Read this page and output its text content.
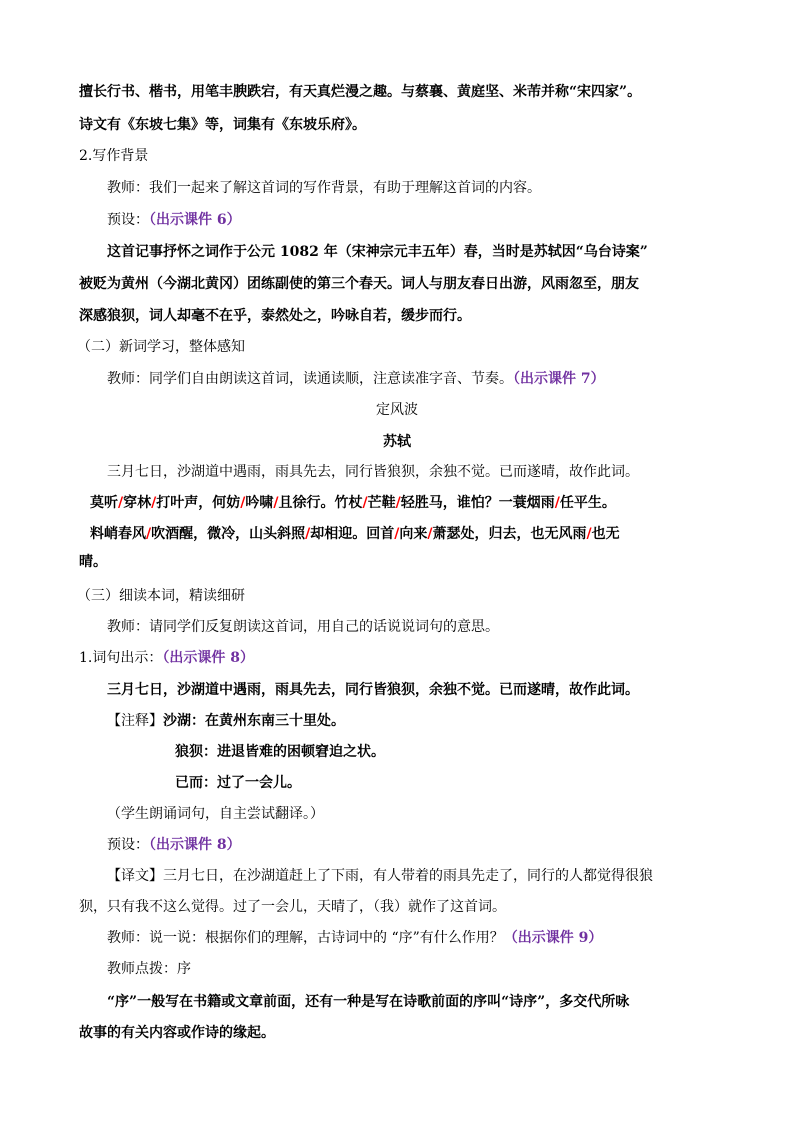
擅长行书、楷书，用笔丰腴跌宕，有天真烂漫之趣。与蔡襄、黄庭坚、米芾并称“宋四家”。
诗文有《东坡七集》等，词集有《东坡乐府》。
2.写作背景
教师：我们一起来了解这首词的写作背景，有助于理解这首词的内容。
预设：（出示课件 6）
这首记事抒怀之词作于公元 1082 年（宋神宗元丰五年）春，当时是苏轼因“乌台诗案”
被贬为黄州（今湖北黄冈）团练副使的第三个春天。词人与朋友春日出游，风雨忽至，朋友
深感狼狈，词人却毫不在乎，泰然处之，吟咏自若，缓步而行。
（二）新词学习，整体感知
教师：同学们自由朗读这首词，读通读顺，注意读准字音、节奏。（出示课件 7）
定风波
苏轼
三月七日，沙湖道中遇雨，雨具先去，同行皆狼狈，余独不觉。已而遂晴，故作此词。
莫听/穿林/打叶声，何妨/吟啸/且徐行。竹杖/芒鞋/轻胜马，谁怕？一蓑烟雨/任平生。
料峭春风/吹酒醒，微冷，山头斜照/却相迎。回首/向来/萧瑟处，归去，也无风雨/也无
晴。
（三）细读本词，精读细研
教师：请同学们反复朗读这首词，用自己的话说说词句的意思。
1.词句出示：（出示课件 8）
三月七日，沙湖道中遇雨，雨具先去，同行皆狼狈，余独不觉。已而遂晴，故作此词。
【注释】沙湖：在黄州东南三十里处。
狼狈：进退皆难的困顿窘迫之状。
已而：过了一会儿。
（学生朗诵词句，自主尝试翻译。）
预设：（出示课件 8）
【译文】三月七日，在沙湖道赶上了下雨，有人带着的雨具先走了，同行的人都觉得很狼
狈，只有我不这么觉得。过了一会儿，天晴了，（我）就作了这首词。
教师：说一说：根据你们的理解，古诗词中的 “序”有什么作用？（出示课件 9）
教师点拨：序
“序”一般写在书籍或文章前面，还有一种是写在诗歌前面的序叫“诗序”，多交代所咏
故事的有关内容或作诗的缘起。
